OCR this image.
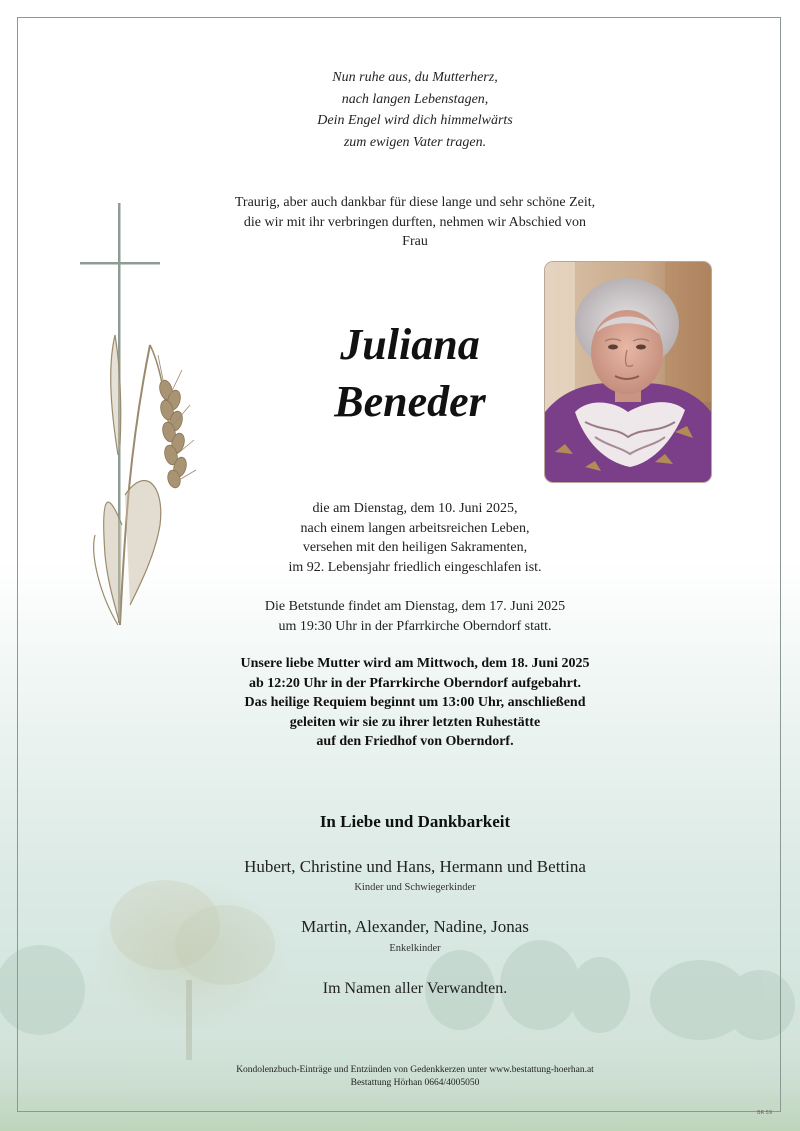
Nun ruhe aus, du Mutterherz,
nach langen Lebenstagen,
Dein Engel wird dich himmelwärts
zum ewigen Vater tragen.
Traurig, aber auch dankbar für diese lange und sehr schöne Zeit,
die wir mit ihr verbringen durften, nehmen wir Abschied von
Frau
Juliana
Beneder
die am Dienstag, dem 10. Juni 2025,
nach einem langen arbeitsreichen Leben,
versehen mit den heiligen Sakramenten,
im 92. Lebensjahr friedlich eingeschlafen ist.
Die Betstunde findet am Dienstag, dem 17. Juni 2025
um 19:30 Uhr in der Pfarrkirche Oberndorf statt.
Unsere liebe Mutter wird am Mittwoch, dem 18. Juni 2025
ab 12:20 Uhr in der Pfarrkirche Oberndorf aufgebahrt.
Das heilige Requiem beginnt um 13:00 Uhr, anschließend
geleiten wir sie zu ihrer letzten Ruhestätte
auf den Friedhof von Oberndorf.
In Liebe und Dankbarkeit
Hubert, Christine und Hans, Hermann und Bettina
Kinder und Schwiegerkinder
Martin, Alexander, Nadine, Jonas
Enkelkinder
Im Namen aller Verwandten.
Kondolenzbuch-Einträge und Entzünden von Gedenkkerzen unter www.bestattung-hoerhan.at
Bestattung Hörhan 0664/4005050
BR 59
